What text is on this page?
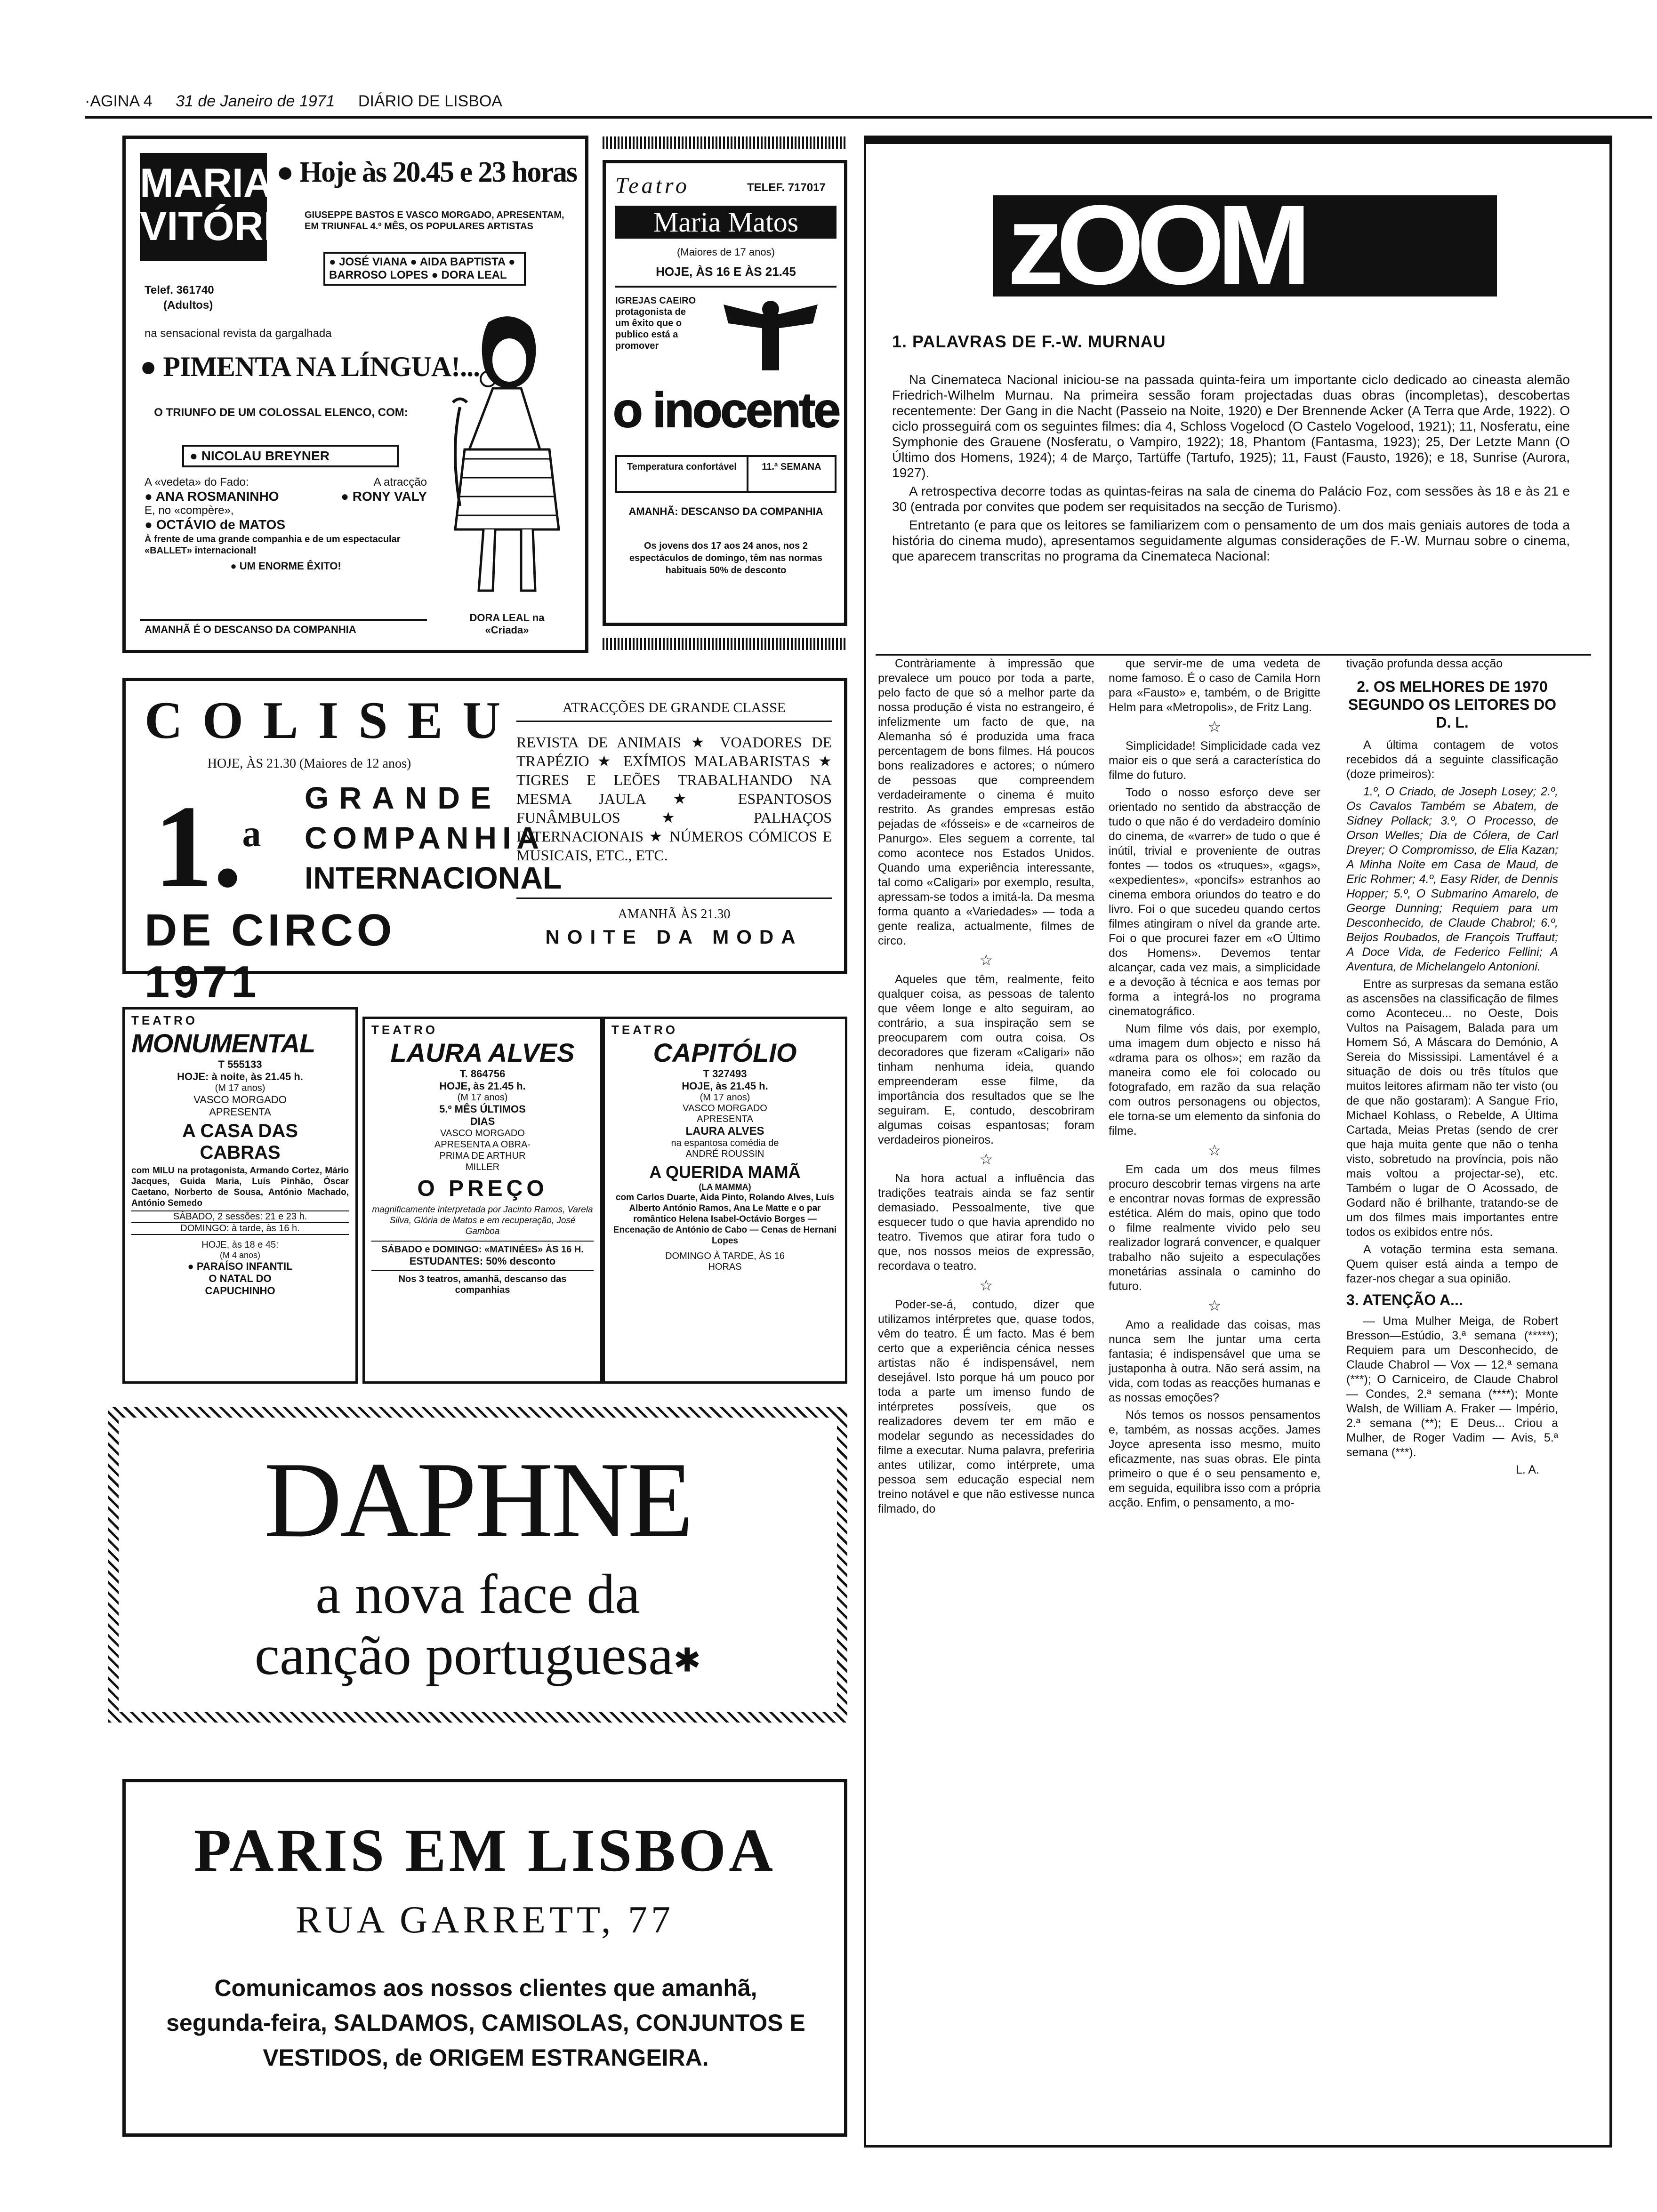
·AGINA 4 31 de Janeiro de 1971 DIÁRIO DE LISBOA
MARIA
VITÓRIA
Telef. 361740
(Adultos)
● Hoje às 20.45 e 23 horas
GIUSEPPE BASTOS E VASCO MORGADO, APRESENTAM, EM TRIUNFAL 4.º MÊS, OS POPULARES ARTISTAS
● JOSÉ VIANA ● AIDA BAPTISTA ● BARROSO LOPES ● DORA LEAL
na sensacional revista da gargalhada
● PIMENTA NA LÍNGUA!...
O TRIUNFO DE UM COLOSSAL ELENCO, COM:
● NICOLAU BREYNER
A «vedeta» do Fado:	A atracção
● ANA ROSMANINHO	● RONY VALY
E, no «compère»,
● OCTÁVIO de MATOS
À frente de uma grande companhia e de um espectacular «BALLET» internacional!
● UM ENORME ÊXITO!
AMANHÃ É O DESCANSO DA COMPANHIA
DORA LEAL na «Criada»
Teatro	TELEF. 717017
Maria Matos
(Maiores de 17 anos)
HOJE, ÀS 16 E ÀS 21.45
IGREJAS CAEIRO protagonista de um êxito que o publico está a promover
o inocente
Temperatura confortável	11.ª SEMANA
AMANHÃ: DESCANSO DA COMPANHIA
Os jovens dos 17 aos 24 anos, nos 2 espectáculos de domingo, têm nas normas habituais 50% de desconto
COLISEU
HOJE, ÀS 21.30 (Maiores de 12 anos)
1.$^a$
GRANDE
COMPANHIA
INTERNACIONAL
DE CIRCO 1971
ATRACÇÕES DE GRANDE CLASSE
REVISTA DE ANIMAIS ★ VOADORES DE TRAPÉZIO ★ EXÍMIOS MALABARISTAS ★ TIGRES E LEÕES TRABALHANDO NA MESMA JAULA ★ ESPANTOSOS FUNÂMBULOS ★ PALHAÇOS INTERNACIONAIS ★ NÚMEROS CÓMICOS E MUSICAIS, ETC., ETC.
AMANHÃ ÀS 21.30
NOITE DA MODA
TEATRO
MONUMENTAL
T 555133
HOJE: à noite, às 21.45 h.
(M 17 anos)
VASCO MORGADO APRESENTA
A CASA DAS CABRAS
com MILU na protagonista, Armando Cortez, Mário Jacques, Guida Maria, Luís Pinhão, Óscar Caetano, Norberto de Sousa, António Machado, António Semedo
SÁBADO, 2 sessões: 21 e 23 h.
DOMINGO: à tarde, às 16 h.
HOJE, às 18 e 45:
(M 4 anos)
● PARAÍSO INFANTIL
O NATAL DO CAPUCHINHO
TEATRO
LAURA ALVES
T. 864756
HOJE, às 21.45 h.
(M 17 anos)
5.º MÊS ÚLTIMOS DIAS
VASCO MORGADO APRESENTA A OBRA-PRIMA DE ARTHUR MILLER
O PREÇO
magnificamente interpretada por Jacinto Ramos, Varela Silva, Glória de Matos e em recuperação, José Gamboa
SÁBADO e DOMINGO: «MATINÉES» ÀS 16 H.
ESTUDANTES: 50% desconto
Nos 3 teatros, amanhã, descanso das companhias
TEATRO
CAPITÓLIO
T 327493
HOJE, às 21.45 h.
(M 17 anos)
VASCO MORGADO APRESENTA
LAURA ALVES
na espantosa comédia de ANDRÉ ROUSSIN
A QUERIDA MAMÃ
(LA MAMMA)
com Carlos Duarte, Aida Pinto, Rolando Alves, Luís Alberto António Ramos, Ana Le Matte e o par romântico Helena Isabel-Octávio Borges — Encenação de António de Cabo — Cenas de Hernani Lopes
DOMINGO À TARDE, ÀS 16 HORAS
DAPHNE
a nova face da
canção portuguesa✱
PARIS EM LISBOA
RUA GARRETT, 77
Comunicamos aos nossos clientes que amanhã, segunda-feira, SALDAMOS, CAMISOLAS, CONJUNTOS E VESTIDOS, de ORIGEM ESTRANGEIRA.
zOOM
1. PALAVRAS DE F.-W. MURNAU

Na Cinemateca Nacional iniciou-se na passada quinta-feira um importante ciclo dedicado ao cineasta alemão Friedrich-Wilhelm Murnau. Na primeira sessão foram projectadas duas obras (incompletas), descobertas recentemente: Der Gang in die Nacht (Passeio na Noite, 1920) e Der Brennende Acker (A Terra que Arde, 1922). O ciclo prosseguirá com os seguintes filmes: dia 4, Schloss Vogelocd (O Castelo Vogelood, 1921); 11, Nosferatu, eine Symphonie des Grauene (Nosferatu, o Vampiro, 1922); 18, Phantom (Fantasma, 1923); 25, Der Letzte Mann (O Último dos Homens, 1924); 4 de Março, Tartüffe (Tartufo, 1925); 11, Faust (Fausto, 1926); e 18, Sunrise (Aurora, 1927).

A retrospectiva decorre todas as quintas-feiras na sala de cinema do Palácio Foz, com sessões às 18 e às 21 e 30 (entrada por convites que podem ser requisitados na secção de Turismo).

Entretanto (e para que os leitores se familiarizem com o pensamento de um dos mais geniais autores de toda a história do cinema mudo), apresentamos seguidamente algumas considerações de F.-W. Murnau sobre o cinema, que aparecem transcritas no programa da Cinemateca Nacional:

Contràriamente à impressão que prevalece um pouco por toda a parte, pelo facto de que só a melhor parte da nossa produção é vista no estrangeiro, é infelizmente um facto de que, na Alemanha só é produzida uma fraca percentagem de bons filmes. Há poucos bons realizadores e actores; o número de pessoas que compreendem verdadeiramente o cinema é muito restrito. As grandes empresas estão pejadas de «fósseis» e de «carneiros de Panurgo». Eles seguem a corrente, tal como acontece nos Estados Unidos. Quando uma experiência interessante, tal como «Caligari» por exemplo, resulta, apressam-se todos a imitá-la. Da mesma forma quanto a «Variedades» — toda a gente realiza, actualmente, filmes de circo.

☆

Aqueles que têm, realmente, feito qualquer coisa, as pessoas de talento que vêem longe e alto seguiram, ao contrário, a sua inspiração sem se preocuparem com outra coisa. Os decoradores que fizeram «Caligari» não tinham nenhuma ideia, quando empreenderam esse filme, da importância dos resultados que se lhe seguiram. E, contudo, descobriram algumas coisas espantosas; foram verdadeiros pioneiros.

☆

Na hora actual a influência das tradições teatrais ainda se faz sentir demasiado. Pessoalmente, tive que esquecer tudo o que havia aprendido no teatro. Tivemos que atirar fora tudo o que, nos nossos meios de expressão, recordava o teatro.

☆

Poder-se-á, contudo, dizer que utilizamos intérpretes que, quase todos, vêm do teatro. É um facto. Mas é bem certo que a experiência cénica nesses artistas não é indispensável, nem desejável. Isto porque há um pouco por toda a parte um imenso fundo de intérpretes possíveis, que os realizadores devem ter em mão e modelar segundo as necessidades do filme a executar. Numa palavra, preferiria antes utilizar, como intérprete, uma pessoa sem educação especial nem treino notável e que não estivesse nunca filmado, do

que servir-me de uma vedeta de nome famoso. É o caso de Camila Horn para «Fausto» e, também, o de Brigitte Helm para «Metropolis», de Fritz Lang.

☆

Simplicidade! Simplicidade cada vez maior eis o que será a característica do filme do futuro.

Todo o nosso esforço deve ser orientado no sentido da abstracção de tudo o que não é do verdadeiro domínio do cinema, de «varrer» de tudo o que é inútil, trivial e proveniente de outras fontes — todos os «truques», «gags», «expedientes», «poncifs» estranhos ao cinema embora oriundos do teatro e do livro. Foi o que sucedeu quando certos filmes atingiram o nível da grande arte. Foi o que procurei fazer em «O Último dos Homens». Devemos tentar alcançar, cada vez mais, a simplicidade e a devoção à técnica e aos temas por forma a integrá-los no programa cinematográfico.

Num filme vós dais, por exemplo, uma imagem dum objecto e nisso há «drama para os olhos»; em razão da maneira como ele foi colocado ou fotografado, em razão da sua relação com outros personagens ou objectos, ele torna-se um elemento da sinfonia do filme.

☆

Em cada um dos meus filmes procuro descobrir temas virgens na arte e encontrar novas formas de expressão estética. Além do mais, opino que todo o filme realmente vivido pelo seu realizador logrará convencer, e qualquer trabalho não sujeito a especulações monetárias assinala o caminho do futuro.

☆

Amo a realidade das coisas, mas nunca sem lhe juntar uma certa fantasia; é indispensável que uma se justaponha à outra. Não será assim, na vida, com todas as reacções humanas e as nossas emoções?

Nós temos os nossos pensamentos e, também, as nossas acções. James Joyce apresenta isso mesmo, muito eficazmente, nas suas obras. Ele pinta primeiro o que é o seu pensamento e, em seguida, equilibra isso com a própria acção. Enfim, o pensamento, a mo-

tivação profunda dessa acção

2. OS MELHORES DE 1970 SEGUNDO OS LEITORES DO D. L.

A última contagem de votos recebidos dá a seguinte classificação (doze primeiros):

1.º, O Criado, de Joseph Losey; 2.º, Os Cavalos Também se Abatem, de Sidney Pollack; 3.º, O Processo, de Orson Welles; Dia de Cólera, de Carl Dreyer; O Compromisso, de Elia Kazan; A Minha Noite em Casa de Maud, de Eric Rohmer; 4.º, Easy Rider, de Dennis Hopper; 5.º, O Submarino Amarelo, de George Dunning; Requiem para um Desconhecido, de Claude Chabrol; 6.º, Beijos Roubados, de François Truffaut; A Doce Vida, de Federico Fellini; A Aventura, de Michelangelo Antonioni.

Entre as surpresas da semana estão as ascensões na classificação de filmes como Aconteceu... no Oeste, Dois Vultos na Paisagem, Balada para um Homem Só, A Máscara do Demónio, A Sereia do Mississipi. Lamentável é a situação de dois ou três títulos que muitos leitores afirmam não ter visto (ou de que não gostaram): A Sangue Frio, Michael Kohlass, o Rebelde, A Última Cartada, Meias Pretas (sendo de crer que haja muita gente que não o tenha visto, sobretudo na província, pois não mais voltou a projectar-se), etc. Também o lugar de O Acossado, de Godard não é brilhante, tratando-se de um dos filmes mais importantes entre todos os exibidos entre nós.

A votação termina esta semana. Quem quiser está ainda a tempo de fazer-nos chegar a sua opinião.

3. ATENÇÃO A...

— Uma Mulher Meiga, de Robert Bresson—Estúdio, 3.ª semana (*****); Requiem para um Desconhecido, de Claude Chabrol — Vox — 12.ª semana (***); O Carniceiro, de Claude Chabrol — Condes, 2.ª semana (****); Monte Walsh, de William A. Fraker — Império, 2.ª semana (**); E Deus... Criou a Mulher, de Roger Vadim — Avis, 5.ª semana (***).

L. A.
